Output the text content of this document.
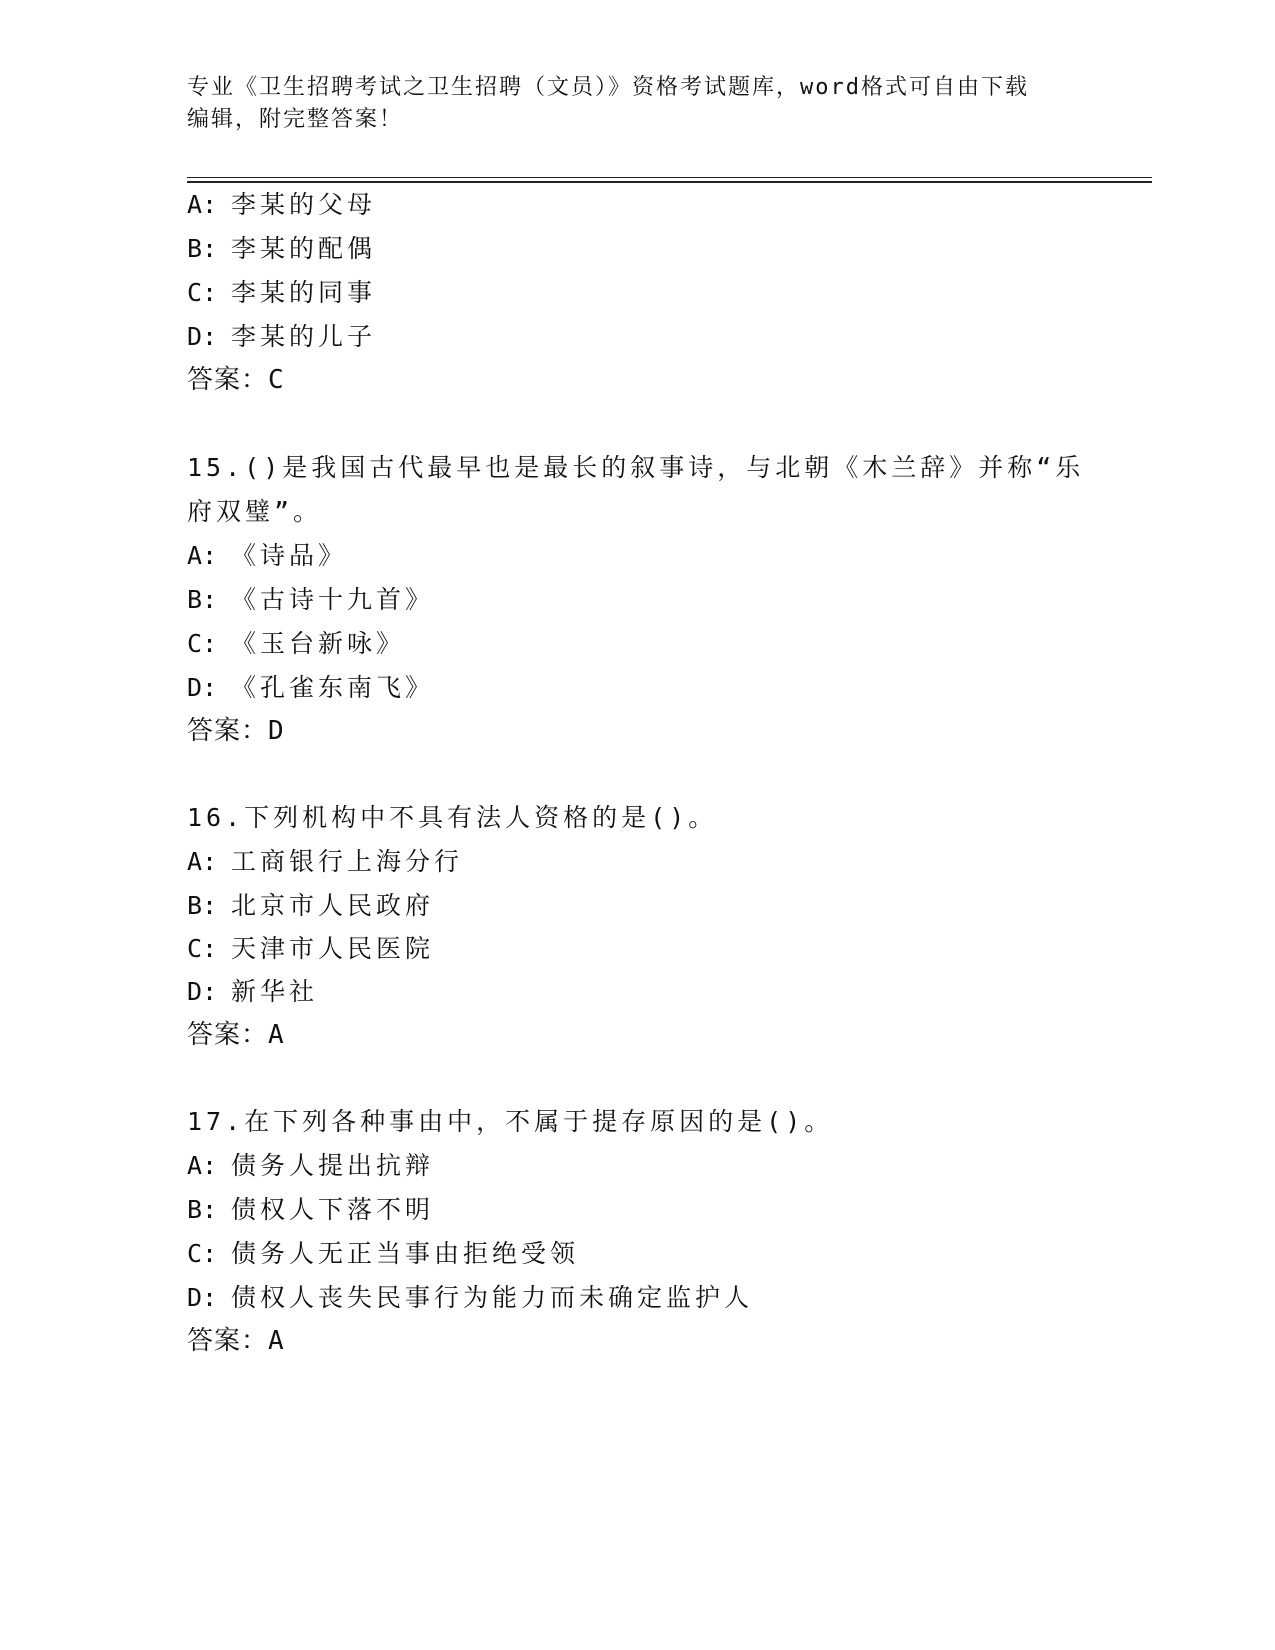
专业《卫生招聘考试之卫生招聘（文员）》资格考试题库，word格式可自由下载
编辑，附完整答案！
A: 李某的父母
B: 李某的配偶
C: 李某的同事
D: 李某的儿子
答案：C
15.()是我国古代最早也是最长的叙事诗，与北朝《木兰辞》并称“乐
府双璧”。
A: 《诗品》
B: 《古诗十九首》
C: 《玉台新咏》
D: 《孔雀东南飞》
答案：D
16.下列机构中不具有法人资格的是()。
A: 工商银行上海分行
B: 北京市人民政府
C: 天津市人民医院
D: 新华社
答案：A
17.在下列各种事由中，不属于提存原因的是()。
A: 债务人提出抗辩
B: 债权人下落不明
C: 债务人无正当事由拒绝受领
D: 债权人丧失民事行为能力而未确定监护人
答案：A
